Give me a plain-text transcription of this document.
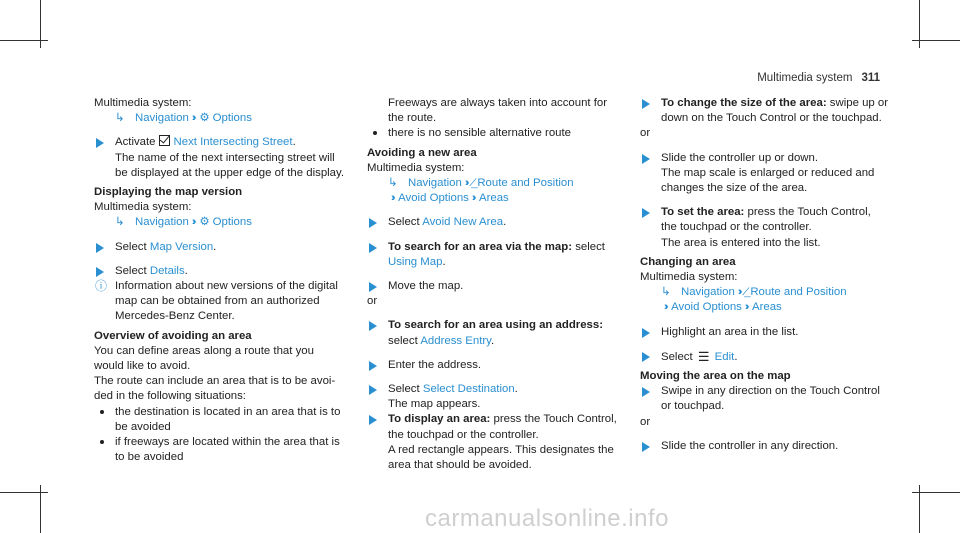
Multimedia system 311
Multimedia system:
↳ Navigation ›› ⚙ Options
Activate Next Intersecting Street.
The name of the next intersecting street will
be displayed at the upper edge of the display.
Displaying the map version
Multimedia system:
↳ Navigation ›› ⚙ Options
Select Map Version.
Select Details.
ⓘ Information about new versions of the digital
map can be obtained from an authorized
Mercedes-Benz Center.
Overview of avoiding an area
You can define areas along a route that you
would like to avoid.
The route can include an area that is to be avoi-
ded in the following situations:
the destination is located in an area that is to
be avoided
if freeways are located within the area that is
to be avoided
Freeways are always taken into account for
the route.
there is no sensible alternative route
Avoiding a new area
Multimedia system:
↳ Navigation ›› ⁄̲ Route and Position
›› Avoid Options ›› Areas
Select Avoid New Area.
To search for an area via the map: select
Using Map.
Move the map.
or
To search for an area using an address:
select Address Entry.
Enter the address.
Select Select Destination.
The map appears.
To display an area: press the Touch Control,
the touchpad or the controller.
A red rectangle appears. This designates the
area that should be avoided.
To change the size of the area: swipe up or
down on the Touch Control or the touchpad.
or
Slide the controller up or down.
The map scale is enlarged or reduced and
changes the size of the area.
To set the area: press the Touch Control,
the touchpad or the controller.
The area is entered into the list.
Changing an area
Multimedia system:
↳ Navigation ›› ⁄̲ Route and Position
›› Avoid Options ›› Areas
Highlight an area in the list.
Select ☰ Edit.
Moving the area on the map
Swipe in any direction on the Touch Control
or touchpad.
or
Slide the controller in any direction.
carmanualsonline.info
